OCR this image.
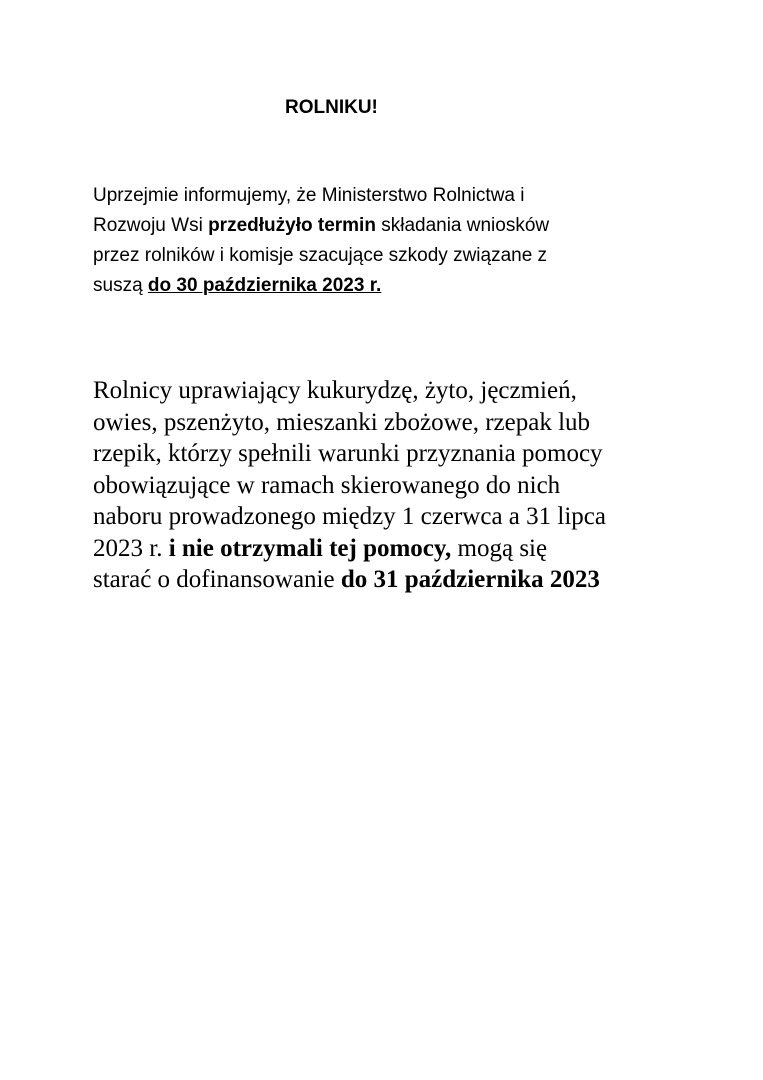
ROLNIKU!

Uprzejmie informujemy, że Ministerstwo Rolnictwa i
Rozwoju Wsi przedłużyło termin składania wniosków
przez rolników i komisje szacujące szkody związane z
suszą do 30 października 2023 r.

Rolnicy uprawiający kukurydzę, żyto, jęczmień,
owies, pszenżyto, mieszanki zbożowe, rzepak lub
rzepik, którzy spełnili warunki przyznania pomocy
obowiązujące w ramach skierowanego do nich
naboru prowadzonego między 1 czerwca a 31 lipca
2023 r. i nie otrzymali tej pomocy, mogą się
starać o dofinansowanie do 31 października 2023
